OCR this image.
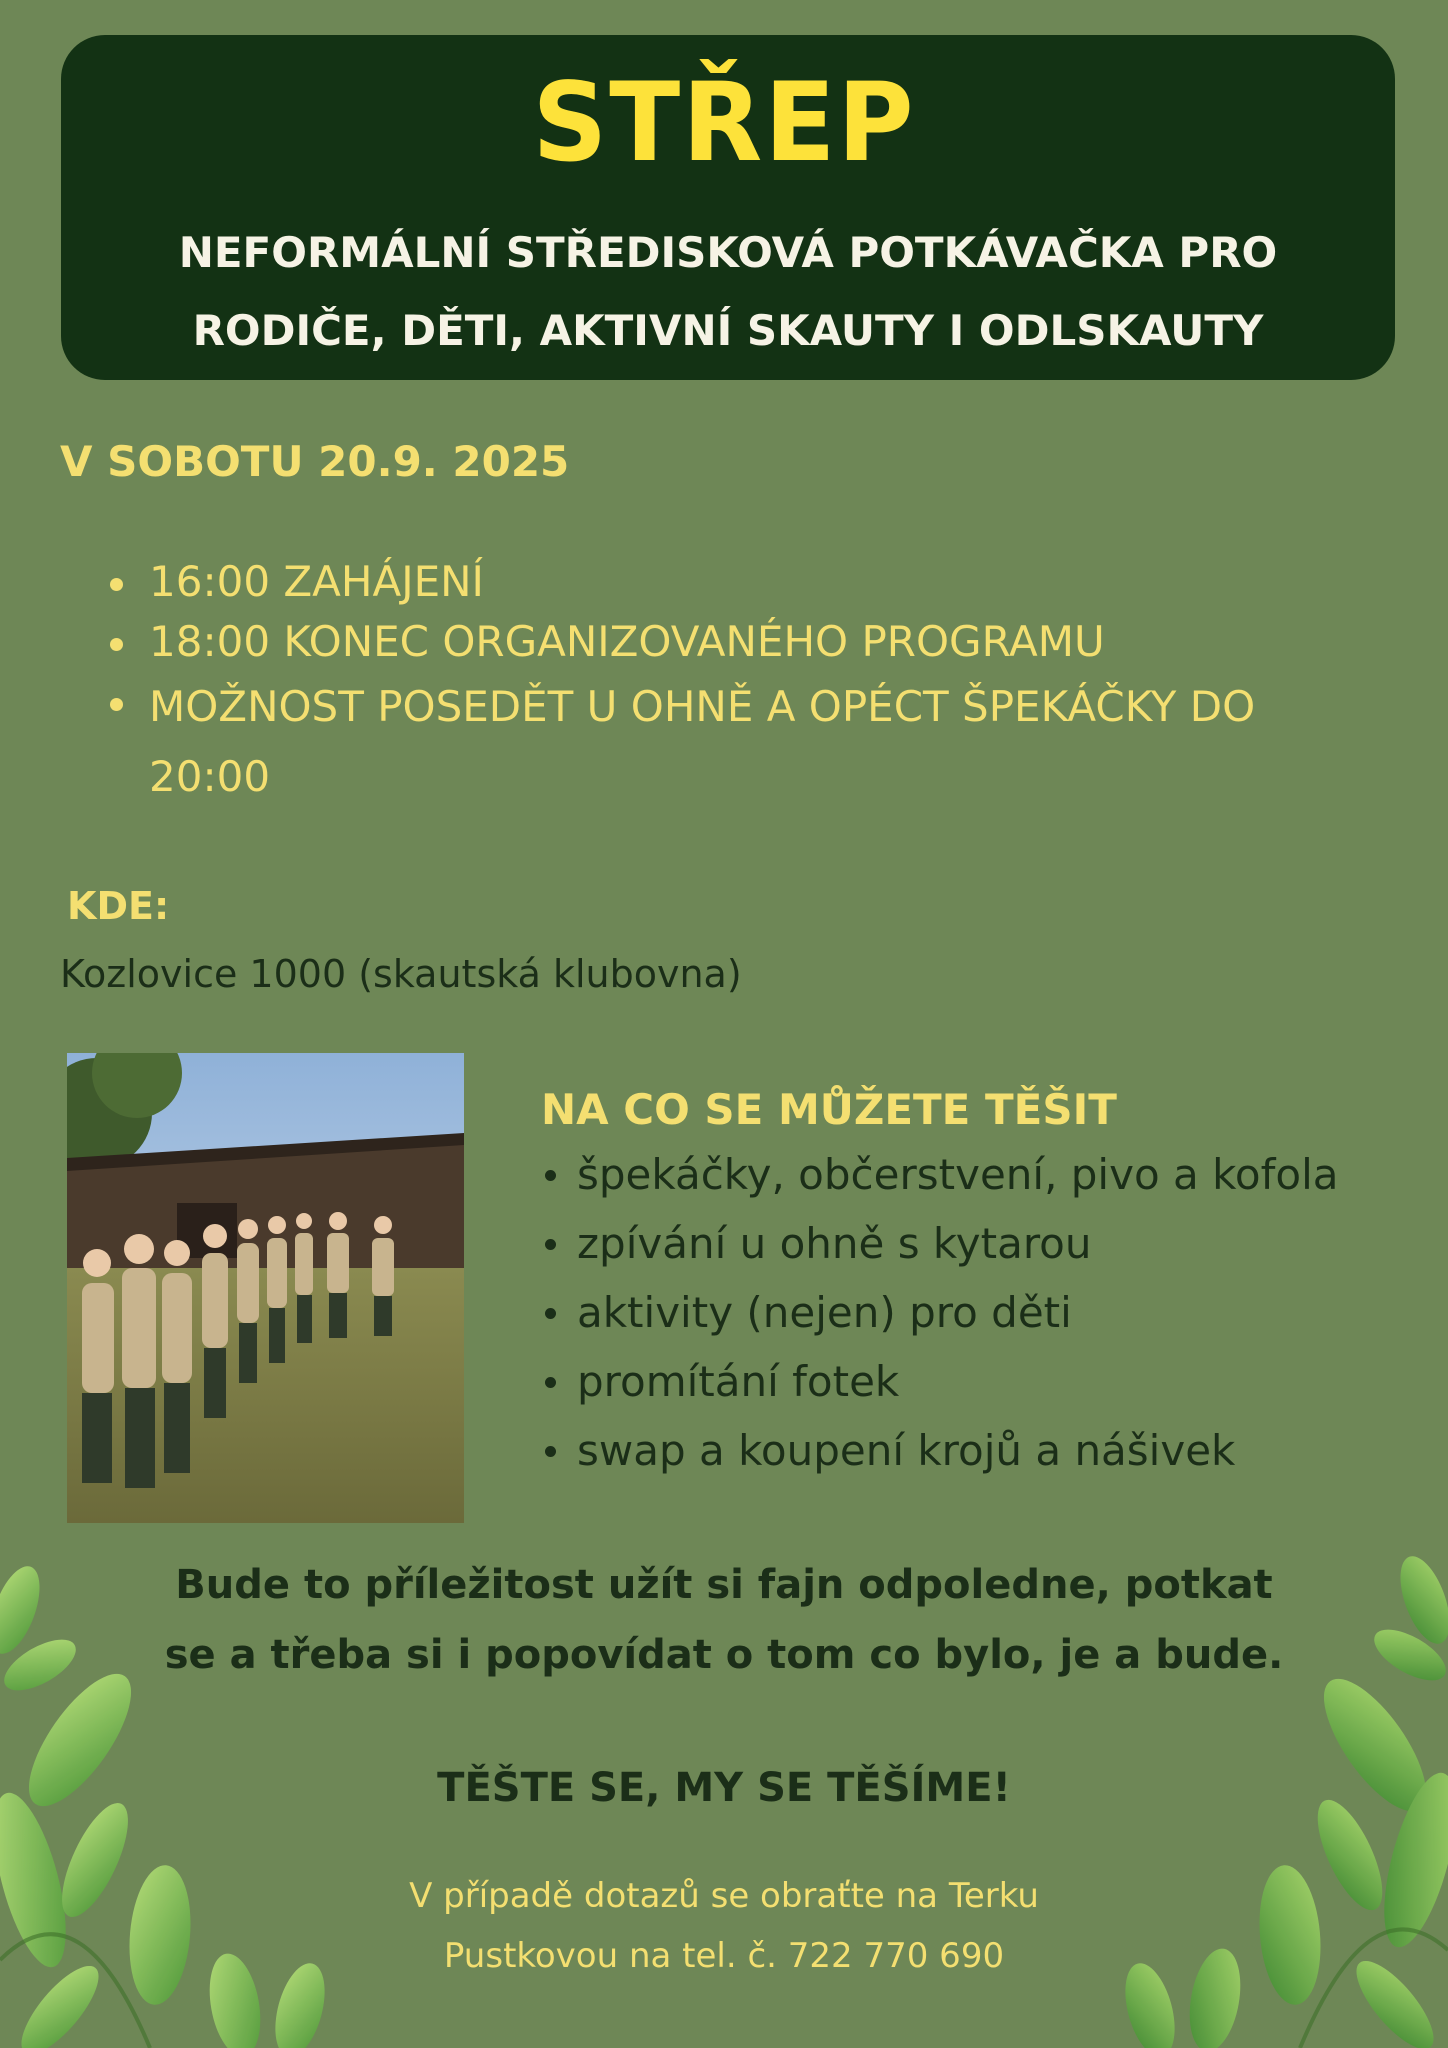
STŘEP
NEFORMÁLNÍ STŘEDISKOVÁ POTKÁVAČKA PRO
RODIČE, DĚTI, AKTIVNÍ SKAUTY I ODLSKAUTY
V SOBOTU 20.9. 2025
16:00 ZAHÁJENÍ
18:00 KONEC ORGANIZOVANÉHO PROGRAMU
MOŽNOST POSEDĚT U OHNĚ A OPÉCT ŠPEKÁČKY DO 20:00
KDE:
Kozlovice 1000 (skautská klubovna)
NA CO SE MŮŽETE TĚŠIT
špekáčky, občerstvení, pivo a kofola
zpívání u ohně s kytarou
aktivity (nejen) pro děti
promítání fotek
swap a koupení krojů a nášivek
Bude to příležitost užít si fajn odpoledne, potkat
se a třeba si i popovídat o tom co bylo, je a bude.
TĚŠTE SE, MY SE TĚŠÍME!
V případě dotazů se obraťte na Terku
Pustkovou na tel. č. 722 770 690
